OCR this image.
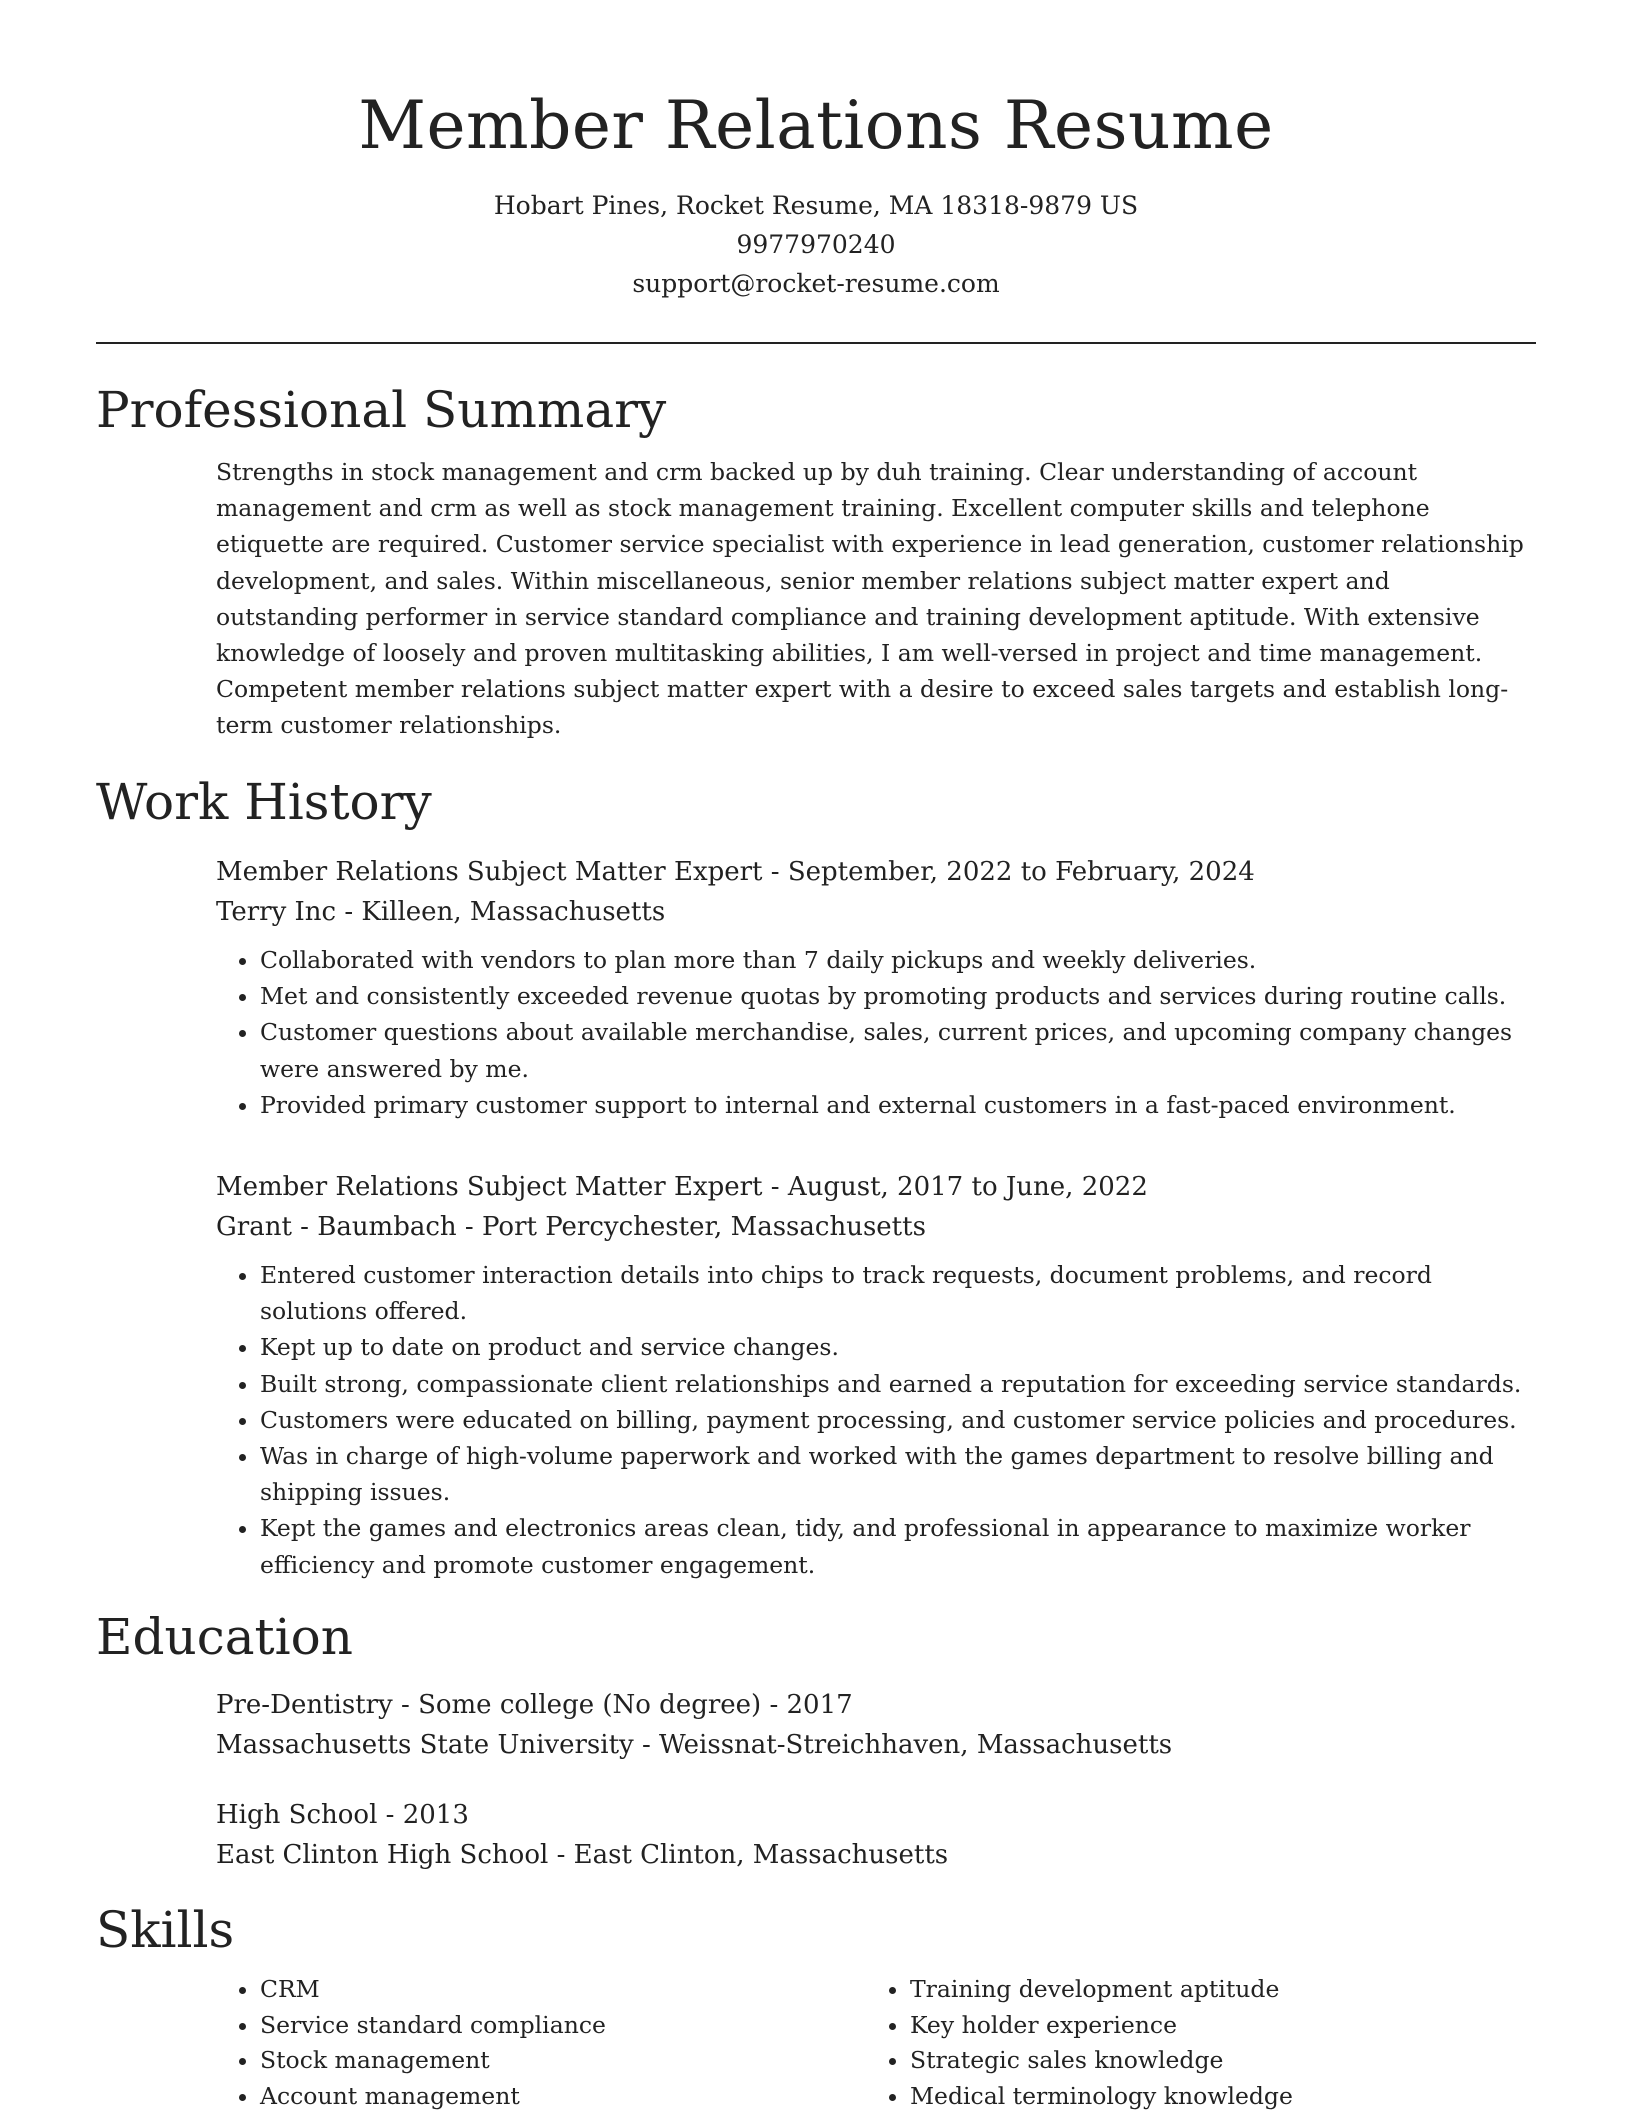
Member Relations Resume
Hobart Pines, Rocket Resume, MA 18318-9879 US
9977970240
support@rocket-resume.com
Professional Summary

Strengths in stock management and crm backed up by duh training. Clear understanding of account management and crm as well as stock management training. Excellent computer skills and telephone etiquette are required. Customer service specialist with experience in lead generation, customer relationship development, and sales. Within miscellaneous, senior member relations subject matter expert and outstanding performer in service standard compliance and training development aptitude. With extensive knowledge of loosely and proven multitasking abilities, I am well-versed in project and time management. Competent member relations subject matter expert with a desire to exceed sales targets and establish long-term customer relationships.

Work History
Member Relations Subject Matter Expert - September, 2022 to February, 2024
Terry Inc - Killeen, Massachusetts
• Collaborated with vendors to plan more than 7 daily pickups and weekly deliveries.
• Met and consistently exceeded revenue quotas by promoting products and services during routine calls.
• Customer questions about available merchandise, sales, current prices, and upcoming company changes were answered by me.
• Provided primary customer support to internal and external customers in a fast-paced environment.
Member Relations Subject Matter Expert - August, 2017 to June, 2022
Grant - Baumbach - Port Percychester, Massachusetts
• Entered customer interaction details into chips to track requests, document problems, and record solutions offered.
• Kept up to date on product and service changes.
• Built strong, compassionate client relationships and earned a reputation for exceeding service standards.
• Customers were educated on billing, payment processing, and customer service policies and procedures.
• Was in charge of high-volume paperwork and worked with the games department to resolve billing and shipping issues.
• Kept the games and electronics areas clean, tidy, and professional in appearance to maximize worker efficiency and promote customer engagement.
Education
Pre-Dentistry - Some college (No degree) - 2017
Massachusetts State University - Weissnat-Streichhaven, Massachusetts
High School - 2013
East Clinton High School - East Clinton, Massachusetts
Skills
• CRM
• Service standard compliance
• Stock management
• Account management
• Training development aptitude
• Key holder experience
• Strategic sales knowledge
• Medical terminology knowledge
